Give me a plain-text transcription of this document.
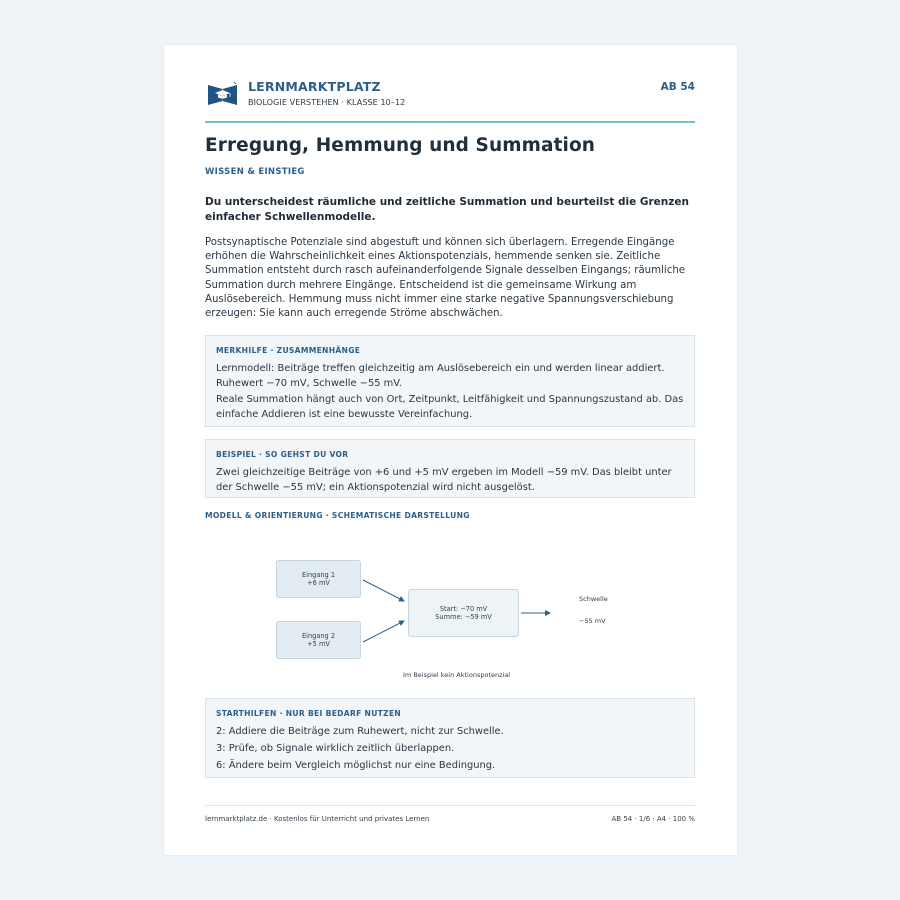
LERNMARKTPLATZ
BIOLOGIE VERSTEHEN · KLASSE 10–12
AB 54
Erregung, Hemmung und Summation
WISSEN & EINSTIEG
Du unterscheidest räumliche und zeitliche Summation und beurteilst die Grenzen einfacher Schwellenmodelle.
Postsynaptische Potenziale sind abgestuft und können sich überlagern. Erregende Eingänge erhöhen die Wahrscheinlichkeit eines Aktionspotenzials, hemmende senken sie. Zeitliche Summation entsteht durch rasch aufeinanderfolgende Signale desselben Eingangs; räumliche Summation durch mehrere Eingänge. Entscheidend ist die gemeinsame Wirkung am Auslösebereich. Hemmung muss nicht immer eine starke negative Spannungsverschiebung erzeugen: Sie kann auch erregende Ströme abschwächen.
MERKHILFE · ZUSAMMENHÄNGE

Lernmodell: Beiträge treffen gleichzeitig am Auslösebereich ein und werden linear addiert. Ruhewert −70 mV, Schwelle −55 mV.

Reale Summation hängt auch von Ort, Zeitpunkt, Leitfähigkeit und Spannungszustand ab. Das einfache Addieren ist eine bewusste Vereinfachung.

BEISPIEL · SO GEHST DU VOR

Zwei gleichzeitige Beiträge von +6 und +5 mV ergeben im Modell −59 mV. Das bleibt unter der Schwelle −55 mV; ein Aktionspotenzial wird nicht ausgelöst.

MODELL & ORIENTIERUNG · SCHEMATISCHE DARSTELLUNG
Eingang 1
+6 mV
Eingang 2
+5 mV
Start: −70 mV
Summe: −59 mV
Schwelle
−55 mV
Im Beispiel kein Aktionspotenzial
STARTHILFEN · NUR BEI BEDARF NUTZEN

2: Addiere die Beiträge zum Ruhewert, nicht zur Schwelle.

3: Prüfe, ob Signale wirklich zeitlich überlappen.

6: Ändere beim Vergleich möglichst nur eine Bedingung.

lernmarktplatz.de · Kostenlos für Unterricht und privates Lernen	AB 54 · 1/6 · A4 · 100 %
